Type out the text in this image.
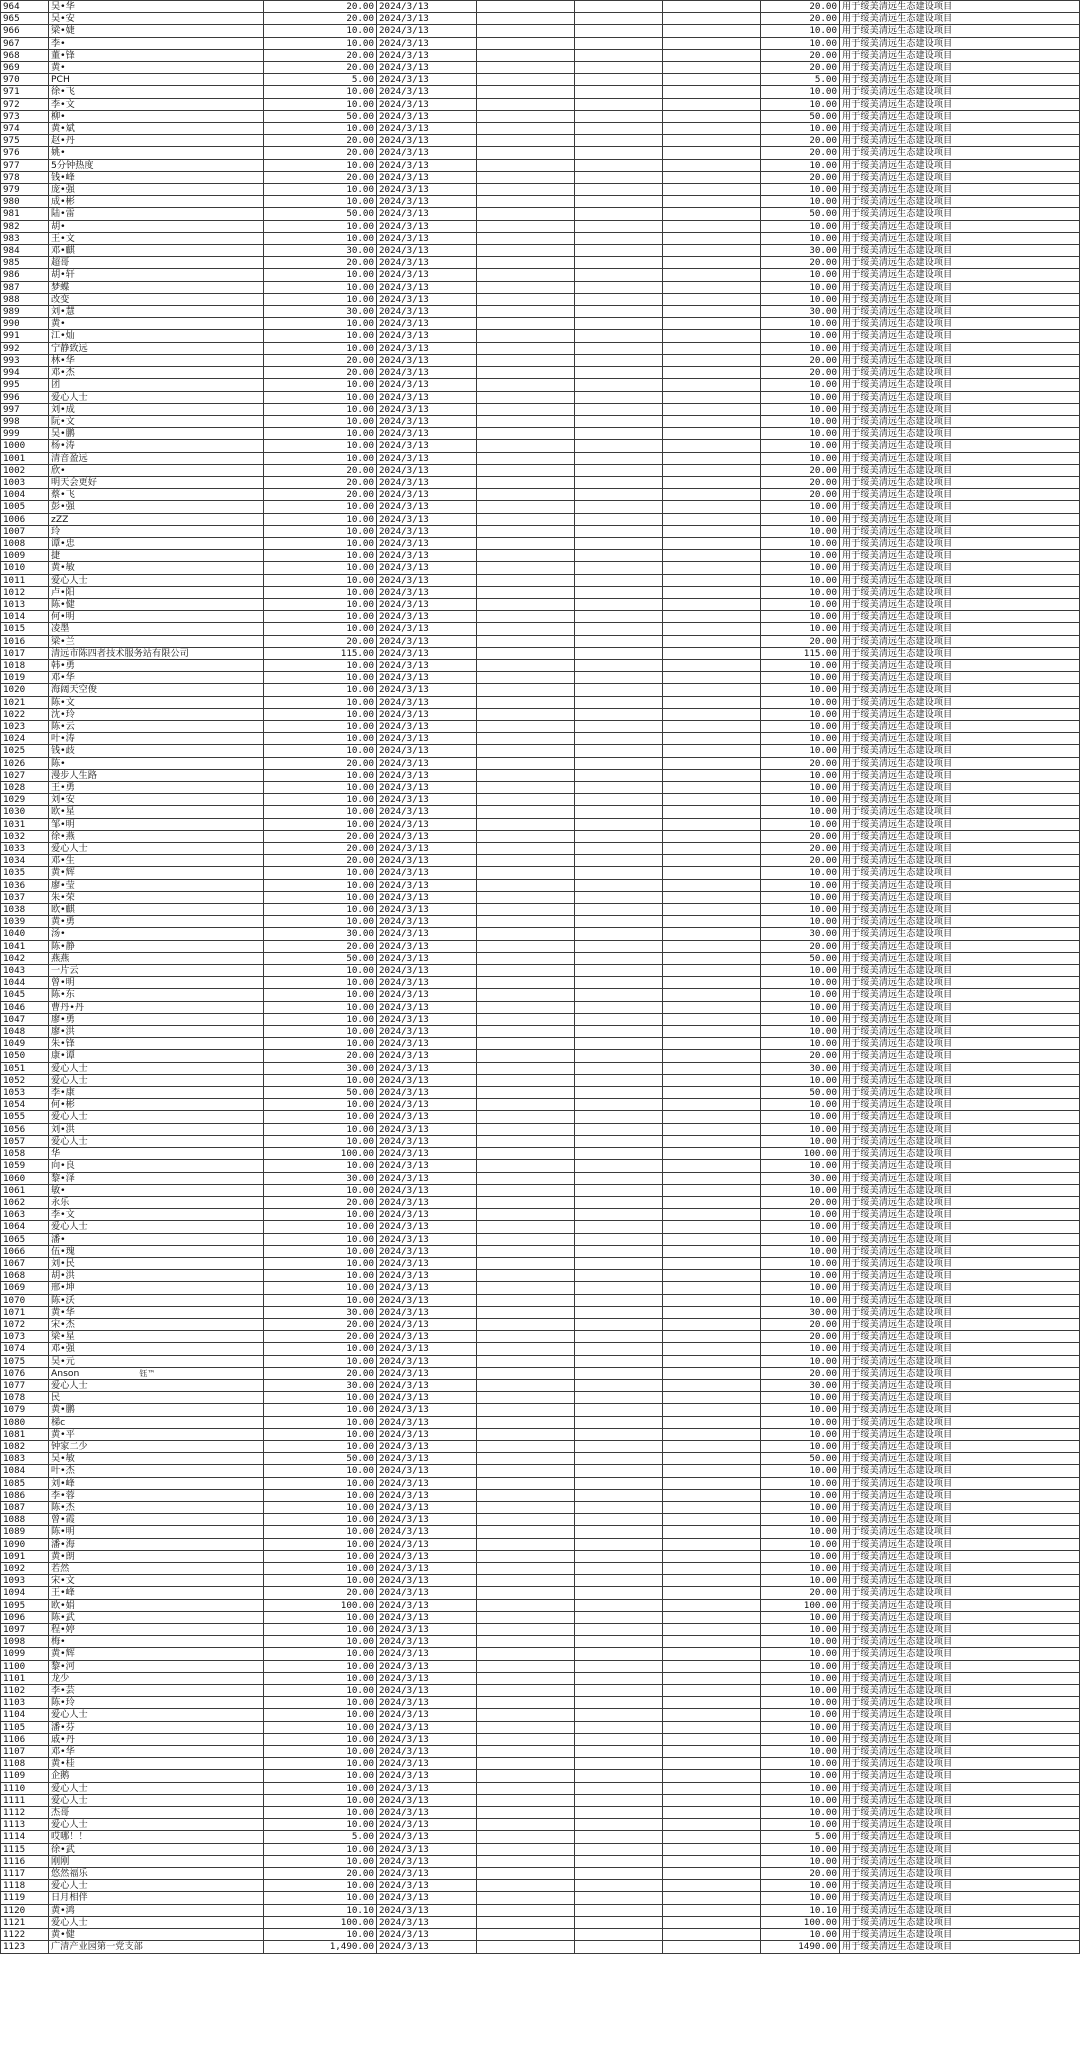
964	吴•华	20.00	2024/3/13				20.00	用于绥美清远生态建设项目
965	吴•安	20.00	2024/3/13				20.00	用于绥美清远生态建设项目
966	梁•婕	10.00	2024/3/13				10.00	用于绥美清远生态建设项目
967	李•	10.00	2024/3/13				10.00	用于绥美清远生态建设项目
968	董•锋	20.00	2024/3/13				20.00	用于绥美清远生态建设项目
969	黄•	20.00	2024/3/13				20.00	用于绥美清远生态建设项目
970	PCH	5.00	2024/3/13				5.00	用于绥美清远生态建设项目
971	徐•飞	10.00	2024/3/13				10.00	用于绥美清远生态建设项目
972	李•文	10.00	2024/3/13				10.00	用于绥美清远生态建设项目
973	柳•	50.00	2024/3/13				50.00	用于绥美清远生态建设项目
974	黄•斌	10.00	2024/3/13				10.00	用于绥美清远生态建设项目
975	赵•丹	20.00	2024/3/13				20.00	用于绥美清远生态建设项目
976	姚•	20.00	2024/3/13				20.00	用于绥美清远生态建设项目
977	5分钟热度	10.00	2024/3/13				10.00	用于绥美清远生态建设项目
978	钱•峰	20.00	2024/3/13				20.00	用于绥美清远生态建设项目
979	庞•强	10.00	2024/3/13				10.00	用于绥美清远生态建设项目
980	成•彬	10.00	2024/3/13				10.00	用于绥美清远生态建设项目
981	陆•雷	50.00	2024/3/13				50.00	用于绥美清远生态建设项目
982	胡•	10.00	2024/3/13				10.00	用于绥美清远生态建设项目
983	王•文	10.00	2024/3/13				10.00	用于绥美清远生态建设项目
984	邓•麒	30.00	2024/3/13				30.00	用于绥美清远生态建设项目
985	超哥	20.00	2024/3/13				20.00	用于绥美清远生态建设项目
986	胡•轩	10.00	2024/3/13				10.00	用于绥美清远生态建设项目
987	梦蝶	10.00	2024/3/13				10.00	用于绥美清远生态建设项目
988	改变	10.00	2024/3/13				10.00	用于绥美清远生态建设项目
989	刘•慧	30.00	2024/3/13				30.00	用于绥美清远生态建设项目
990	黄•	10.00	2024/3/13				10.00	用于绥美清远生态建设项目
991	江•灿	10.00	2024/3/13				10.00	用于绥美清远生态建设项目
992	宁静致远	10.00	2024/3/13				10.00	用于绥美清远生态建设项目
993	林•华	20.00	2024/3/13				20.00	用于绥美清远生态建设项目
994	邓•杰	20.00	2024/3/13				20.00	用于绥美清远生态建设项目
995	团	10.00	2024/3/13				10.00	用于绥美清远生态建设项目
996	爱心人士	10.00	2024/3/13				10.00	用于绥美清远生态建设项目
997	刘•成	10.00	2024/3/13				10.00	用于绥美清远生态建设项目
998	阮•文	10.00	2024/3/13				10.00	用于绥美清远生态建设项目
999	吴•鹏	10.00	2024/3/13				10.00	用于绥美清远生态建设项目
1000	杨•涛	10.00	2024/3/13				10.00	用于绥美清远生态建设项目
1001	清音盈远	10.00	2024/3/13				10.00	用于绥美清远生态建设项目
1002	欣•	20.00	2024/3/13				20.00	用于绥美清远生态建设项目
1003	明天会更好	20.00	2024/3/13				20.00	用于绥美清远生态建设项目
1004	蔡•飞	20.00	2024/3/13				20.00	用于绥美清远生态建设项目
1005	彭•强	10.00	2024/3/13				10.00	用于绥美清远生态建设项目
1006	zZZ	10.00	2024/3/13				10.00	用于绥美清远生态建设项目
1007	玲	10.00	2024/3/13				10.00	用于绥美清远生态建设项目
1008	谭•忠	10.00	2024/3/13				10.00	用于绥美清远生态建设项目
1009	捷	10.00	2024/3/13				10.00	用于绥美清远生态建设项目
1010	黄•敏	10.00	2024/3/13				10.00	用于绥美清远生态建设项目
1011	爱心人士	10.00	2024/3/13				10.00	用于绥美清远生态建设项目
1012	卢•阳	10.00	2024/3/13				10.00	用于绥美清远生态建设项目
1013	陈•健	10.00	2024/3/13				10.00	用于绥美清远生态建设项目
1014	何•明	10.00	2024/3/13				10.00	用于绥美清远生态建设项目
1015	凌墨	10.00	2024/3/13				10.00	用于绥美清远生态建设项目
1016	梁•兰	20.00	2024/3/13				20.00	用于绥美清远生态建设项目
1017	清远市陈四者技术服务站有限公司	115.00	2024/3/13				115.00	用于绥美清远生态建设项目
1018	韩•勇	10.00	2024/3/13				10.00	用于绥美清远生态建设项目
1019	邓•华	10.00	2024/3/13				10.00	用于绥美清远生态建设项目
1020	海阔天空俊	10.00	2024/3/13				10.00	用于绥美清远生态建设项目
1021	陈•文	10.00	2024/3/13				10.00	用于绥美清远生态建设项目
1022	沈•玲	10.00	2024/3/13				10.00	用于绥美清远生态建设项目
1023	陈•云	10.00	2024/3/13				10.00	用于绥美清远生态建设项目
1024	叶•涛	10.00	2024/3/13				10.00	用于绥美清远生态建设项目
1025	钱•歧	10.00	2024/3/13				10.00	用于绥美清远生态建设项目
1026	陈•	20.00	2024/3/13				20.00	用于绥美清远生态建设项目
1027	漫步人生路	10.00	2024/3/13				10.00	用于绥美清远生态建设项目
1028	王•勇	10.00	2024/3/13				10.00	用于绥美清远生态建设项目
1029	刘•安	10.00	2024/3/13				10.00	用于绥美清远生态建设项目
1030	欧•星	10.00	2024/3/13				10.00	用于绥美清远生态建设项目
1031	邹•明	10.00	2024/3/13				10.00	用于绥美清远生态建设项目
1032	徐•燕	20.00	2024/3/13				20.00	用于绥美清远生态建设项目
1033	爱心人士	20.00	2024/3/13				20.00	用于绥美清远生态建设项目
1034	邓•生	20.00	2024/3/13				20.00	用于绥美清远生态建设项目
1035	黄•辉	10.00	2024/3/13				10.00	用于绥美清远生态建设项目
1036	廖•莹	10.00	2024/3/13				10.00	用于绥美清远生态建设项目
1037	朱•荣	10.00	2024/3/13				10.00	用于绥美清远生态建设项目
1038	欧•麒	10.00	2024/3/13				10.00	用于绥美清远生态建设项目
1039	黄•勇	10.00	2024/3/13				10.00	用于绥美清远生态建设项目
1040	汤•	30.00	2024/3/13				30.00	用于绥美清远生态建设项目
1041	陈•静	20.00	2024/3/13				20.00	用于绥美清远生态建设项目
1042	燕燕	50.00	2024/3/13				50.00	用于绥美清远生态建设项目
1043	一片云	10.00	2024/3/13				10.00	用于绥美清远生态建设项目
1044	曾•明	10.00	2024/3/13				10.00	用于绥美清远生态建设项目
1045	陈•东	10.00	2024/3/13				10.00	用于绥美清远生态建设项目
1046	曹丹•丹	10.00	2024/3/13				10.00	用于绥美清远生态建设项目
1047	廖•勇	10.00	2024/3/13				10.00	用于绥美清远生态建设项目
1048	廖•洪	10.00	2024/3/13				10.00	用于绥美清远生态建设项目
1049	朱•锋	10.00	2024/3/13				10.00	用于绥美清远生态建设项目
1050	康•谭	20.00	2024/3/13				20.00	用于绥美清远生态建设项目
1051	爱心人士	30.00	2024/3/13				30.00	用于绥美清远生态建设项目
1052	爱心人士	10.00	2024/3/13				10.00	用于绥美清远生态建设项目
1053	李•康	50.00	2024/3/13				50.00	用于绥美清远生态建设项目
1054	何•彬	10.00	2024/3/13				10.00	用于绥美清远生态建设项目
1055	爱心人士	10.00	2024/3/13				10.00	用于绥美清远生态建设项目
1056	刘•洪	10.00	2024/3/13				10.00	用于绥美清远生态建设项目
1057	爱心人士	10.00	2024/3/13				10.00	用于绥美清远生态建设项目
1058	华	100.00	2024/3/13				100.00	用于绥美清远生态建设项目
1059	向•良	10.00	2024/3/13				10.00	用于绥美清远生态建设项目
1060	黎•泽	30.00	2024/3/13				30.00	用于绥美清远生态建设项目
1061	敏•	10.00	2024/3/13				10.00	用于绥美清远生态建设项目
1062	永乐	20.00	2024/3/13				20.00	用于绥美清远生态建设项目
1063	李•文	10.00	2024/3/13				10.00	用于绥美清远生态建设项目
1064	爱心人士	10.00	2024/3/13				10.00	用于绥美清远生态建设项目
1065	潘•	10.00	2024/3/13				10.00	用于绥美清远生态建设项目
1066	伍•瑰	10.00	2024/3/13				10.00	用于绥美清远生态建设项目
1067	刘•民	10.00	2024/3/13				10.00	用于绥美清远生态建设项目
1068	胡•洪	10.00	2024/3/13				10.00	用于绥美清远生态建设项目
1069	邢•坤	10.00	2024/3/13				10.00	用于绥美清远生态建设项目
1070	陈•沃	10.00	2024/3/13				10.00	用于绥美清远生态建设项目
1071	黄•华	30.00	2024/3/13				30.00	用于绥美清远生态建设项目
1072	宋•杰	20.00	2024/3/13				20.00	用于绥美清远生态建设项目
1073	梁•星	20.00	2024/3/13				20.00	用于绥美清远生态建设项目
1074	邓•强	10.00	2024/3/13				10.00	用于绥美清远生态建设项目
1075	吴•元	10.00	2024/3/13				10.00	用于绥美清远生态建设项目
1076	Anson 钰™	20.00	2024/3/13				20.00	用于绥美清远生态建设项目
1077	爱心人士	30.00	2024/3/13				30.00	用于绥美清远生态建设项目
1078	民	10.00	2024/3/13				10.00	用于绥美清远生态建设项目
1079	黄•鹏	10.00	2024/3/13				10.00	用于绥美清远生态建设项目
1080	梯c	10.00	2024/3/13				10.00	用于绥美清远生态建设项目
1081	黄•平	10.00	2024/3/13				10.00	用于绥美清远生态建设项目
1082	钟家二少	10.00	2024/3/13				10.00	用于绥美清远生态建设项目
1083	吴•敏	50.00	2024/3/13				50.00	用于绥美清远生态建设项目
1084	叶•杰	10.00	2024/3/13				10.00	用于绥美清远生态建设项目
1085	刘•峰	10.00	2024/3/13				10.00	用于绥美清远生态建设项目
1086	李•蓉	10.00	2024/3/13				10.00	用于绥美清远生态建设项目
1087	陈•杰	10.00	2024/3/13				10.00	用于绥美清远生态建设项目
1088	曾•霞	10.00	2024/3/13				10.00	用于绥美清远生态建设项目
1089	陈•明	10.00	2024/3/13				10.00	用于绥美清远生态建设项目
1090	潘•海	10.00	2024/3/13				10.00	用于绥美清远生态建设项目
1091	黄•朗	10.00	2024/3/13				10.00	用于绥美清远生态建设项目
1092	若然	10.00	2024/3/13				10.00	用于绥美清远生态建设项目
1093	宋•文	10.00	2024/3/13				10.00	用于绥美清远生态建设项目
1094	王•峰	20.00	2024/3/13				20.00	用于绥美清远生态建设项目
1095	欧•娟	100.00	2024/3/13				100.00	用于绥美清远生态建设项目
1096	陈•武	10.00	2024/3/13				10.00	用于绥美清远生态建设项目
1097	程•婷	10.00	2024/3/13				10.00	用于绥美清远生态建设项目
1098	梅•	10.00	2024/3/13				10.00	用于绥美清远生态建设项目
1099	黄•辉	10.00	2024/3/13				10.00	用于绥美清远生态建设项目
1100	黎•河	10.00	2024/3/13				10.00	用于绥美清远生态建设项目
1101	龙少	10.00	2024/3/13				10.00	用于绥美清远生态建设项目
1102	李•芸	10.00	2024/3/13				10.00	用于绥美清远生态建设项目
1103	陈•玲	10.00	2024/3/13				10.00	用于绥美清远生态建设项目
1104	爱心人士	10.00	2024/3/13				10.00	用于绥美清远生态建设项目
1105	潘•芬	10.00	2024/3/13				10.00	用于绥美清远生态建设项目
1106	戚•丹	10.00	2024/3/13				10.00	用于绥美清远生态建设项目
1107	邓•华	10.00	2024/3/13				10.00	用于绥美清远生态建设项目
1108	黄•桂	10.00	2024/3/13				10.00	用于绥美清远生态建设项目
1109	企鹅	10.00	2024/3/13				10.00	用于绥美清远生态建设项目
1110	爱心人士	10.00	2024/3/13				10.00	用于绥美清远生态建设项目
1111	爱心人士	10.00	2024/3/13				10.00	用于绥美清远生态建设项目
1112	杰哥	10.00	2024/3/13				10.00	用于绥美清远生态建设项目
1113	爱心人士	10.00	2024/3/13				10.00	用于绥美清远生态建设项目
1114	哎哪！！	5.00	2024/3/13				5.00	用于绥美清远生态建设项目
1115	徐•武	10.00	2024/3/13				10.00	用于绥美清远生态建设项目
1116	刚刚	10.00	2024/3/13				10.00	用于绥美清远生态建设项目
1117	悠然福乐	20.00	2024/3/13				20.00	用于绥美清远生态建设项目
1118	爱心人士	10.00	2024/3/13				10.00	用于绥美清远生态建设项目
1119	日月相伴	10.00	2024/3/13				10.00	用于绥美清远生态建设项目
1120	黄•鸿	10.10	2024/3/13				10.10	用于绥美清远生态建设项目
1121	爱心人士	100.00	2024/3/13				100.00	用于绥美清远生态建设项目
1122	黄•健	10.00	2024/3/13				10.00	用于绥美清远生态建设项目
1123	广清产业园第一党支部	1,490.00	2024/3/13				1490.00	用于绥美清远生态建设项目
